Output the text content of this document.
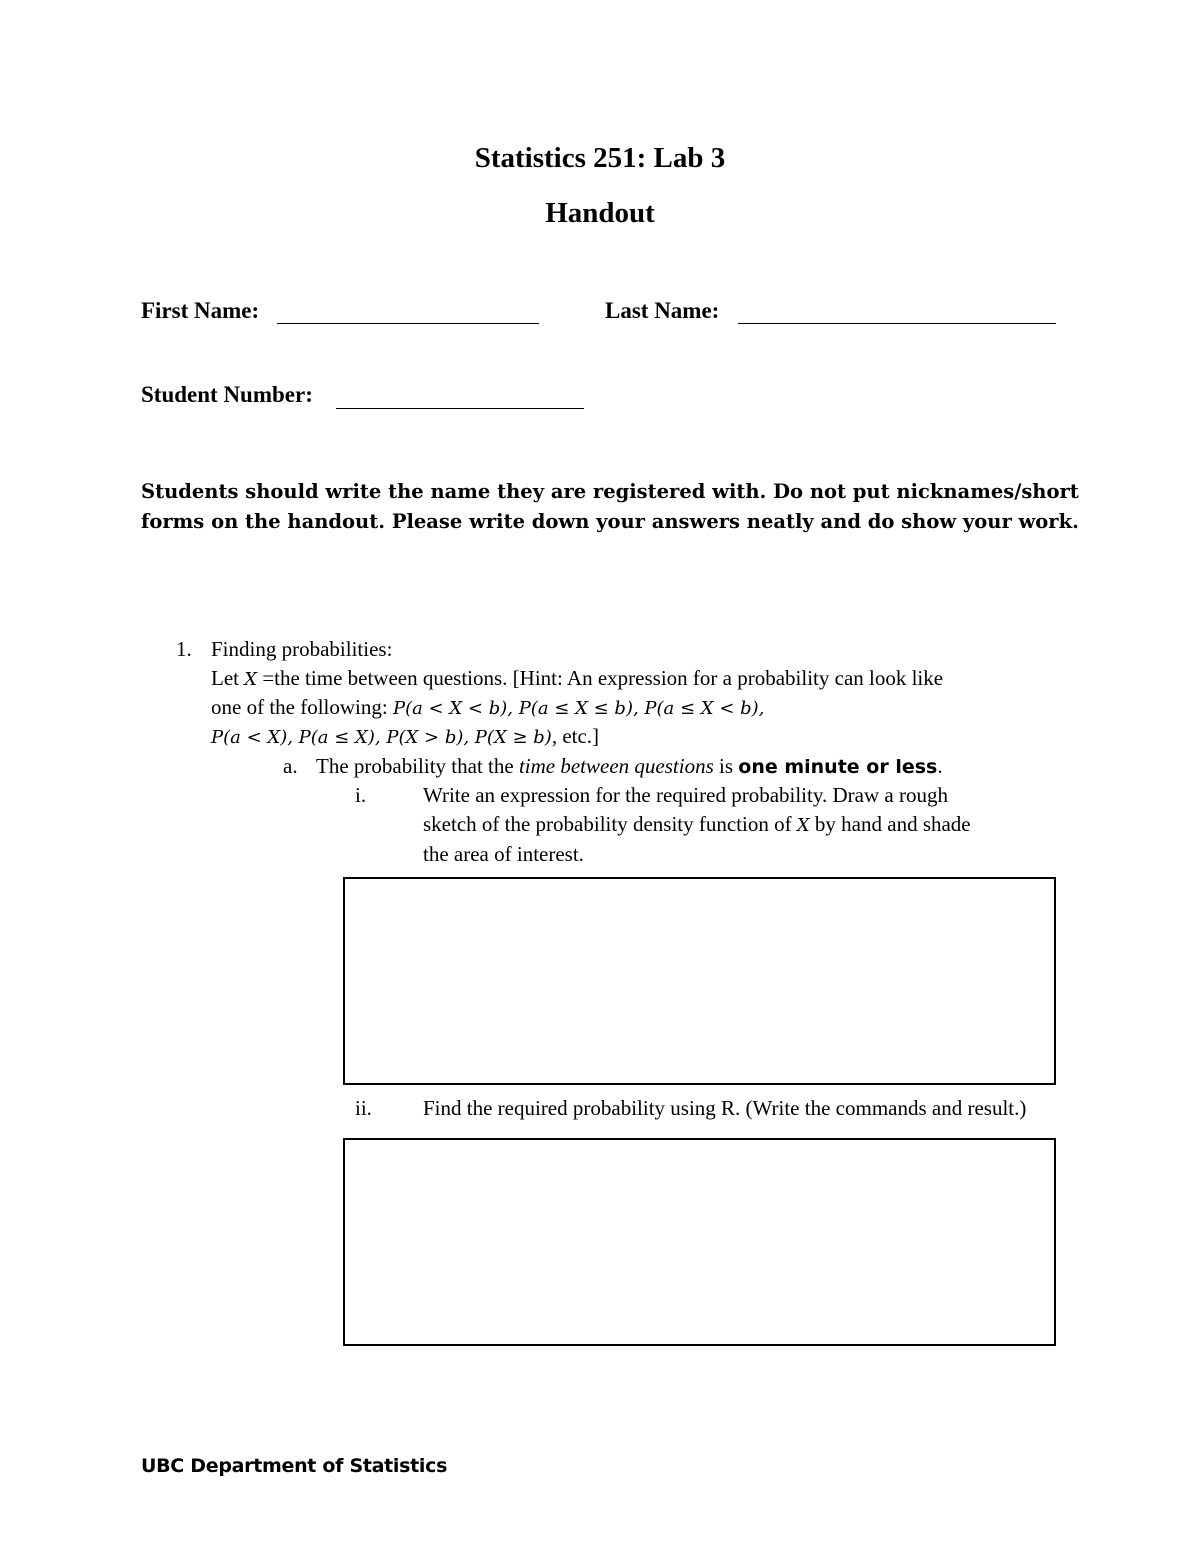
Statistics 251: Lab 3
Handout
First Name:	Last Name:
Student Number:
Students should write the name they are registered with. Do not put nicknames/short forms on the handout. Please write down your answers neatly and do show your work.
1. Finding probabilities:
Let X =the time between questions. [Hint: An expression for a probability can look like
one of the following: P(a < X < b), P(a ≤ X ≤ b), P(a ≤ X < b),
P(a < X), P(a ≤ X), P(X > b), P(X ≥ b), etc.]
a. The probability that the time between questions is one minute or less.
i.	Write an expression for the required probability. Draw a rough
sketch of the probability density function of X by hand and shade
the area of interest.
ii. Find the required probability using R. (Write the commands and result.)
UBC Department of Statistics
